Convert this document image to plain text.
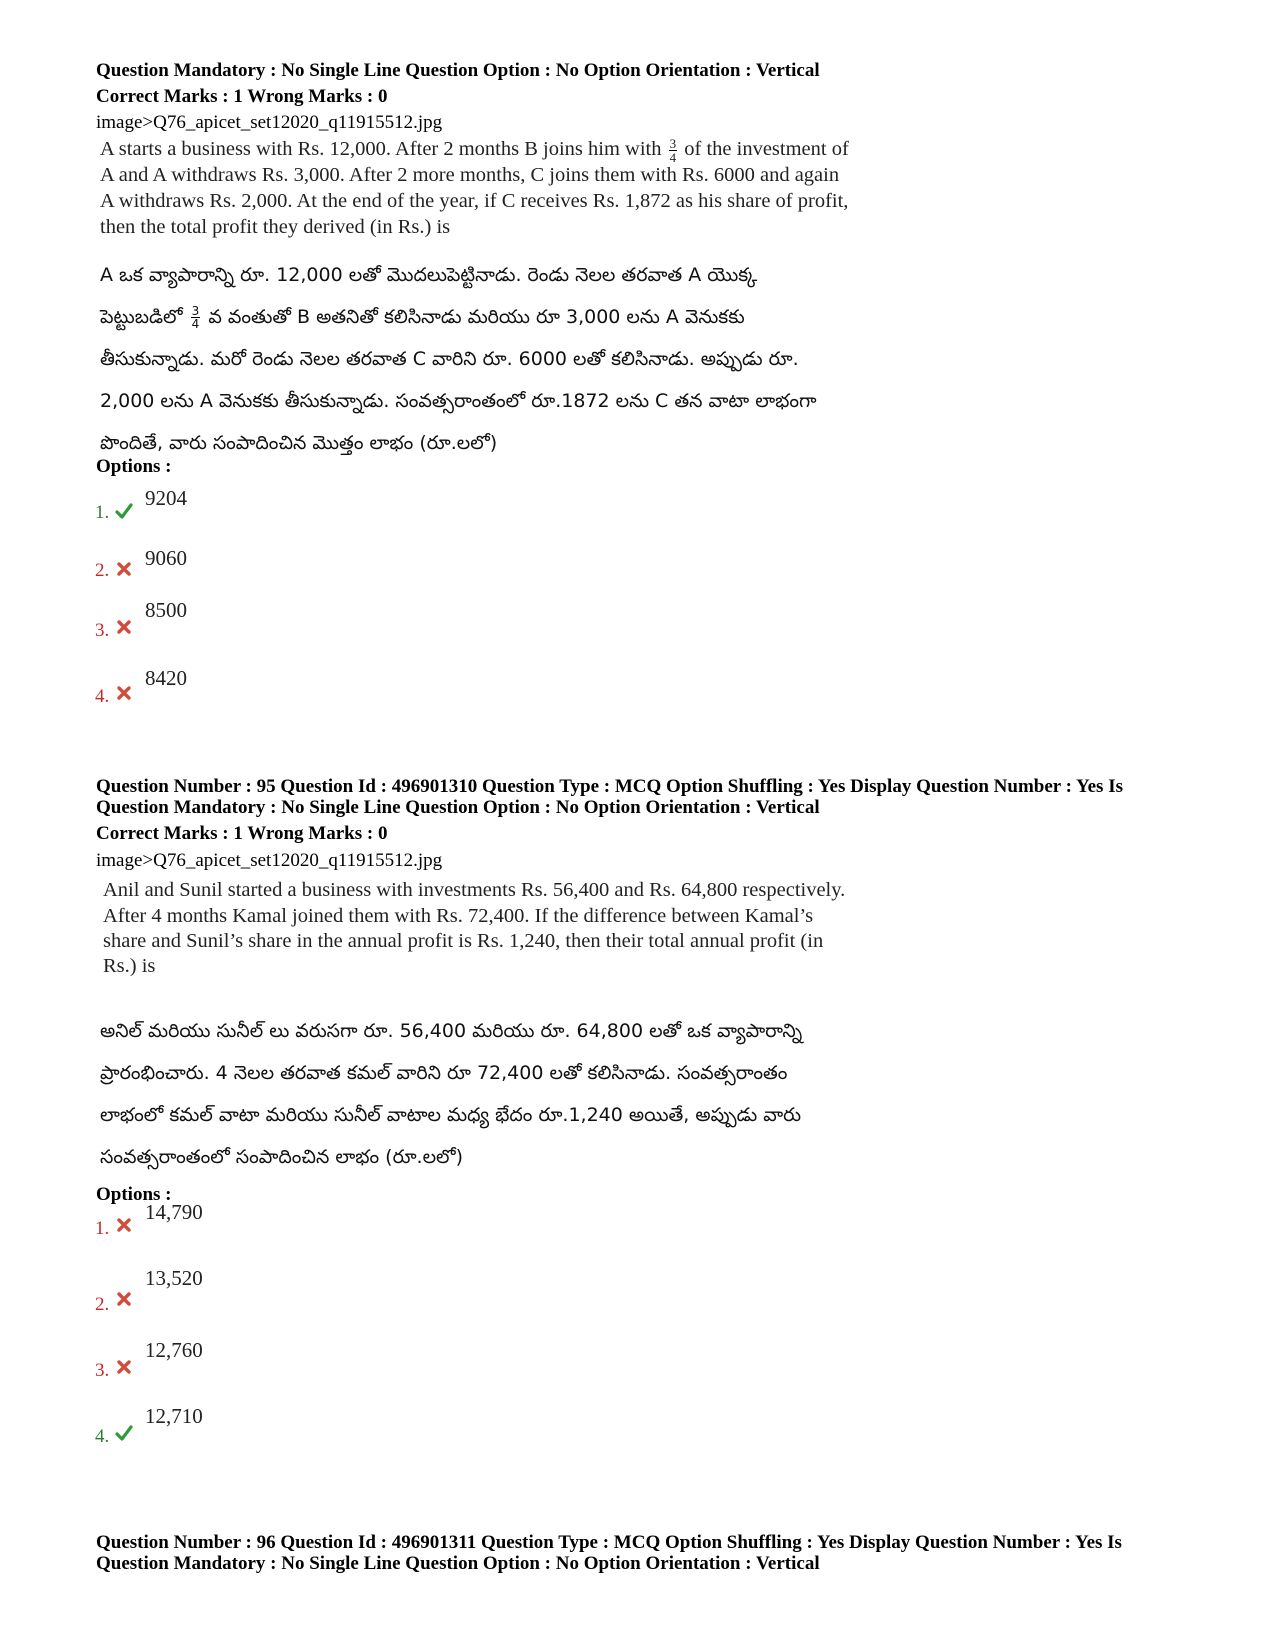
Question Mandatory : No Single Line Question Option : No Option Orientation : Vertical
Correct Marks : 1 Wrong Marks : 0
image>Q76_apicet_set12020_q11915512.jpg
A starts a business with Rs. 12,000. After 2 months B joins him with $\frac{3}{4}$ of the investment of
A and A withdraws Rs. 3,000. After 2 more months, C joins them with Rs. 6000 and again
A withdraws Rs. 2,000. At the end of the year, if C receives Rs. 1,872 as his share of profit,
then the total profit they derived (in Rs.) is
A ఒక వ్యాపారాన్ని రూ. 12,000 లతో మొదలుపెట్టినాడు. రెండు నెలల తరవాత A యొక్క
పెట్టుబడిలో $\frac{3}{4}$ వ వంతుతో B అతనితో కలిసినాడు మరియు రూ 3,000 లను A వెనుకకు
తీసుకున్నాడు. మరో రెండు నెలల తరవాత C వారిని రూ. 6000 లతో కలిసినాడు. అప్పుడు రూ.
2,000 లను A వెనుకకు తీసుకున్నాడు. సంవత్సరాంతంలో రూ.1872 లను C తన వాటా లాభంగా
పొందితే, వారు సంపాదించిన మొత్తం లాభం (రూ.లలో)
Options :
1.
9204
2.
9060
3.
8500
4.
8420
Question Number : 95 Question Id : 496901310 Question Type : MCQ Option Shuffling : Yes Display Question Number : Yes Is
Question Mandatory : No Single Line Question Option : No Option Orientation : Vertical
Correct Marks : 1 Wrong Marks : 0
image>Q76_apicet_set12020_q11915512.jpg
Anil and Sunil started a business with investments Rs. 56,400 and Rs. 64,800 respectively.
After 4 months Kamal joined them with Rs. 72,400. If the difference between Kamal’s
share and Sunil’s share in the annual profit is Rs. 1,240, then their total annual profit (in
Rs.) is
అనిల్ మరియు సునీల్ లు వరుసగా రూ. 56,400 మరియు రూ. 64,800 లతో ఒక వ్యాపారాన్ని
ప్రారంభించారు. 4 నెలల తరవాత కమల్ వారిని రూ 72,400 లతో కలిసినాడు. సంవత్సరాంతం
లాభంలో కమల్ వాటా మరియు సునీల్ వాటాల మధ్య భేదం రూ.1,240 అయితే, అప్పుడు వారు
సంవత్సరాంతంలో సంపాదించిన లాభం (రూ.లలో)
Options :
1.
14,790
2.
13,520
3.
12,760
4.
12,710
Question Number : 96 Question Id : 496901311 Question Type : MCQ Option Shuffling : Yes Display Question Number : Yes Is
Question Mandatory : No Single Line Question Option : No Option Orientation : Vertical
